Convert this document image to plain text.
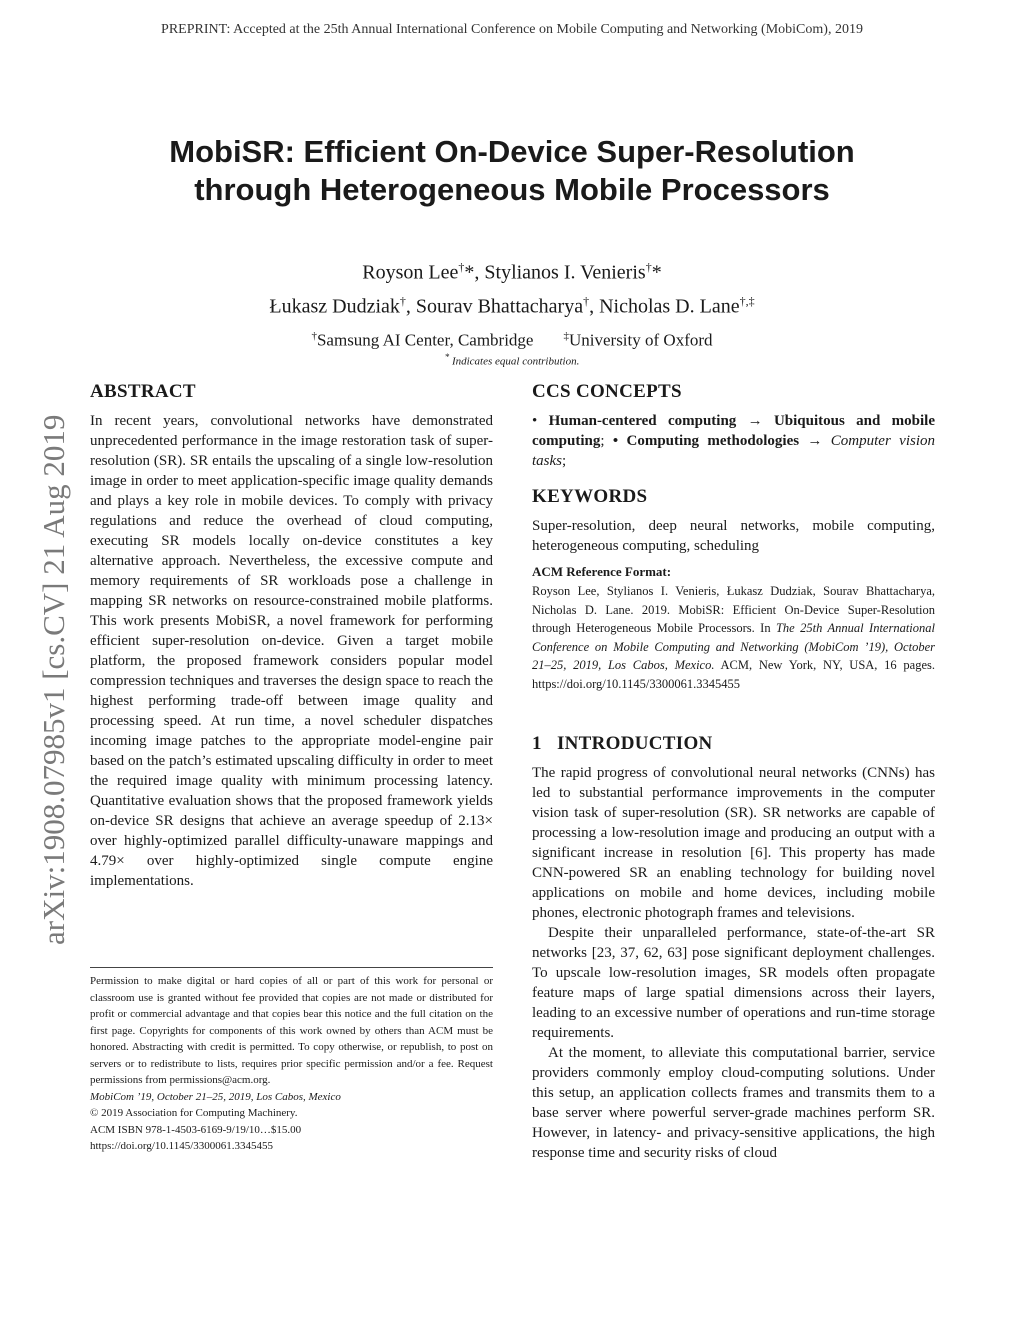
PREPRINT: Accepted at the 25th Annual International Conference on Mobile Computing and Networking (MobiCom), 2019
MobiSR: Efficient On-Device Super-Resolution
through Heterogeneous Mobile Processors
Royson Lee†*, Stylianos I. Venieris†*
Łukasz Dudziak†, Sourav Bhattacharya†, Nicholas D. Lane†,‡
†Samsung AI Center, Cambridge	‡University of Oxford
* Indicates equal contribution.
arXiv:1908.07985v1 [cs.CV] 21 Aug 2019
ABSTRACT

In recent years, convolutional networks have demonstrated unprecedented performance in the image restoration task of super-resolution (SR). SR entails the upscaling of a single low-resolution image in order to meet application-specific image quality demands and plays a key role in mobile devices. To comply with privacy regulations and reduce the overhead of cloud computing, executing SR models locally on-device constitutes a key alternative approach. Nevertheless, the excessive compute and memory requirements of SR workloads pose a challenge in mapping SR networks on resource-constrained mobile platforms. This work presents MobiSR, a novel framework for performing efficient super-resolution on-device. Given a target mobile platform, the proposed framework considers popular model compression techniques and traverses the design space to reach the highest performing trade-off between image quality and processing speed. At run time, a novel scheduler dispatches incoming image patches to the appropriate model-engine pair based on the patch’s estimated upscaling difficulty in order to meet the required image quality with minimum processing latency. Quantitative evaluation shows that the proposed framework yields on-device SR designs that achieve an average speedup of 2.13× over highly-optimized parallel difficulty-unaware mappings and 4.79× over highly-optimized single compute engine implementations.

Permission to make digital or hard copies of all or part of this work for personal or classroom use is granted without fee provided that copies are not made or distributed for profit or commercial advantage and that copies bear this notice and the full citation on the first page. Copyrights for components of this work owned by others than ACM must be honored. Abstracting with credit is permitted. To copy otherwise, or republish, to post on servers or to redistribute to lists, requires prior specific permission and/or a fee. Request permissions from permissions@acm.org.

MobiCom ’19, October 21–25, 2019, Los Cabos, Mexico

© 2019 Association for Computing Machinery.

ACM ISBN 978-1-4503-6169-9/19/10…$15.00

https://doi.org/10.1145/3300061.3345455

CCS CONCEPTS

• Human-centered computing → Ubiquitous and mobile computing; • Computing methodologies → Computer vision tasks;

KEYWORDS

Super-resolution, deep neural networks, mobile computing, heterogeneous computing, scheduling

ACM Reference Format:

Royson Lee, Stylianos I. Venieris, Łukasz Dudziak, Sourav Bhattacharya, Nicholas D. Lane. 2019. MobiSR: Efficient On-Device Super-Resolution through Heterogeneous Mobile Processors. In The 25th Annual International Conference on Mobile Computing and Networking (MobiCom ’19), October 21–25, 2019, Los Cabos, Mexico. ACM, New York, NY, USA, 16 pages. https://doi.org/10.1145/3300061.3345455

1   INTRODUCTION

The rapid progress of convolutional neural networks (CNNs) has led to substantial performance improvements in the computer vision task of super-resolution (SR). SR networks are capable of processing a low-resolution image and producing an output with a significant increase in resolution [6]. This property has made CNN-powered SR an enabling technology for building novel applications on mobile and home devices, including mobile phones, electronic photograph frames and televisions.

Despite their unparalleled performance, state-of-the-art SR networks [23, 37, 62, 63] pose significant deployment challenges. To upscale low-resolution images, SR models often propagate feature maps of large spatial dimensions across their layers, leading to an excessive number of operations and run-time storage requirements.

At the moment, to alleviate this computational barrier, service providers commonly employ cloud-computing solutions. Under this setup, an application collects frames and transmits them to a base server where powerful server-grade machines perform SR. However, in latency- and privacy-sensitive applications, the high response time and security risks of cloud
